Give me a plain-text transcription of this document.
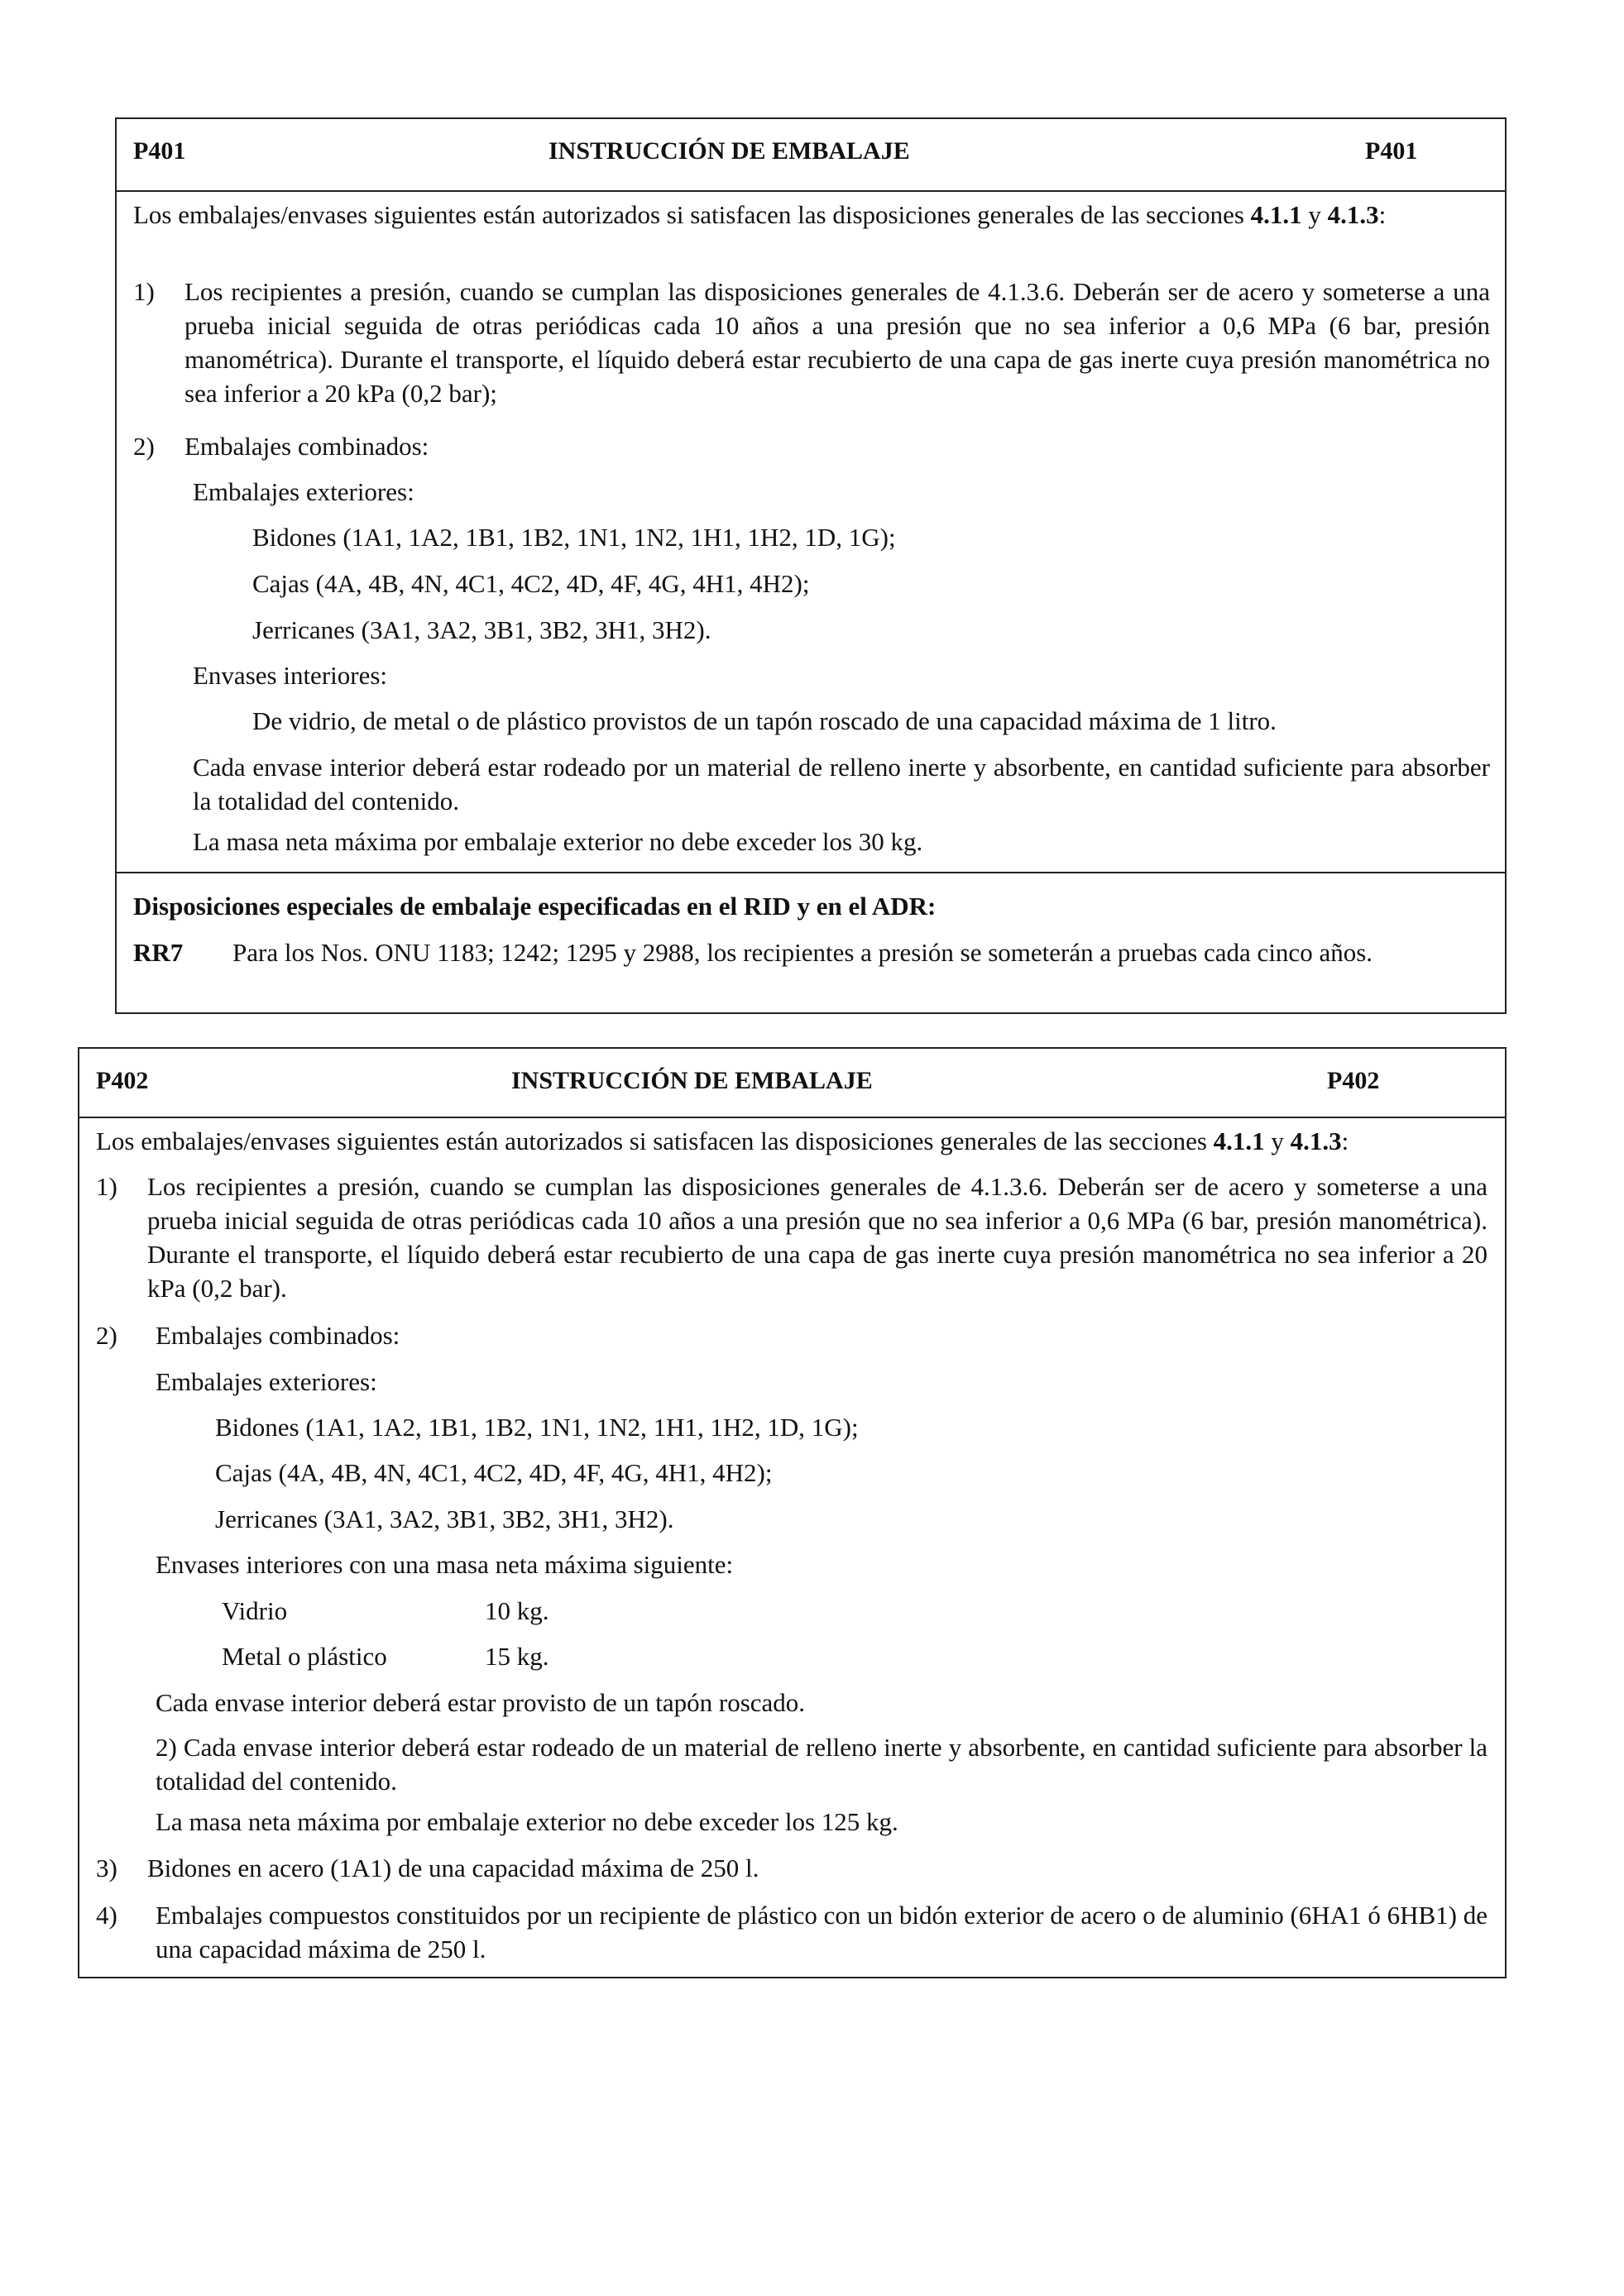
P401	INSTRUCCIÓN DE EMBALAJE	P401
Los embalajes/envases siguientes están autorizados si satisfacen las disposiciones generales de las secciones 4.1.1 y 4.1.3:
1) Los recipientes a presión, cuando se cumplan las disposiciones generales de 4.1.3.6. Deberán ser de acero y someterse a una prueba inicial seguida de otras periódicas cada 10 años a una presión que no sea inferior a 0,6 MPa (6 bar, presión manométrica). Durante el transporte, el líquido deberá estar recubierto de una capa de gas inerte cuya presión manométrica no sea inferior a 20 kPa (0,2 bar);
2) Embalajes combinados:
Embalajes exteriores:
Bidones (1A1, 1A2, 1B1, 1B2, 1N1, 1N2, 1H1, 1H2, 1D, 1G);
Cajas (4A, 4B, 4N, 4C1, 4C2, 4D, 4F, 4G, 4H1, 4H2);
Jerricanes (3A1, 3A2, 3B1, 3B2, 3H1, 3H2).
Envases interiores:
De vidrio, de metal o de plástico provistos de un tapón roscado de una capacidad máxima de 1 litro.
Cada envase interior deberá estar rodeado por un material de relleno inerte y absorbente, en cantidad suficiente para absorber la totalidad del contenido.
La masa neta máxima por embalaje exterior no debe exceder los 30 kg.
Disposiciones especiales de embalaje especificadas en el RID y en el ADR:
RR7 Para los Nos. ONU 1183; 1242; 1295 y 2988, los recipientes a presión se someterán a pruebas cada cinco años.
P402	INSTRUCCIÓN DE EMBALAJE	P402
Los embalajes/envases siguientes están autorizados si satisfacen las disposiciones generales de las secciones 4.1.1 y 4.1.3:
1) Los recipientes a presión, cuando se cumplan las disposiciones generales de 4.1.3.6. Deberán ser de acero y someterse a una prueba inicial seguida de otras periódicas cada 10 años a una presión que no sea inferior a 0,6 MPa (6 bar, presión manométrica). Durante el transporte, el líquido deberá estar recubierto de una capa de gas inerte cuya presión manométrica no sea inferior a 20 kPa (0,2 bar).
2) Embalajes combinados:
Embalajes exteriores:
Bidones (1A1, 1A2, 1B1, 1B2, 1N1, 1N2, 1H1, 1H2, 1D, 1G);
Cajas (4A, 4B, 4N, 4C1, 4C2, 4D, 4F, 4G, 4H1, 4H2);
Jerricanes (3A1, 3A2, 3B1, 3B2, 3H1, 3H2).
Envases interiores con una masa neta máxima siguiente:
Vidrio	10 kg.
Metal o plástico	15 kg.
Cada envase interior deberá estar provisto de un tapón roscado.
2) Cada envase interior deberá estar rodeado de un material de relleno inerte y absorbente, en cantidad suficiente para absorber la totalidad del contenido.
La masa neta máxima por embalaje exterior no debe exceder los 125 kg.
3) Bidones en acero (1A1) de una capacidad máxima de 250 l.
4) Embalajes compuestos constituidos por un recipiente de plástico con un bidón exterior de acero o de aluminio (6HA1 ó 6HB1) de una capacidad máxima de 250 l.
